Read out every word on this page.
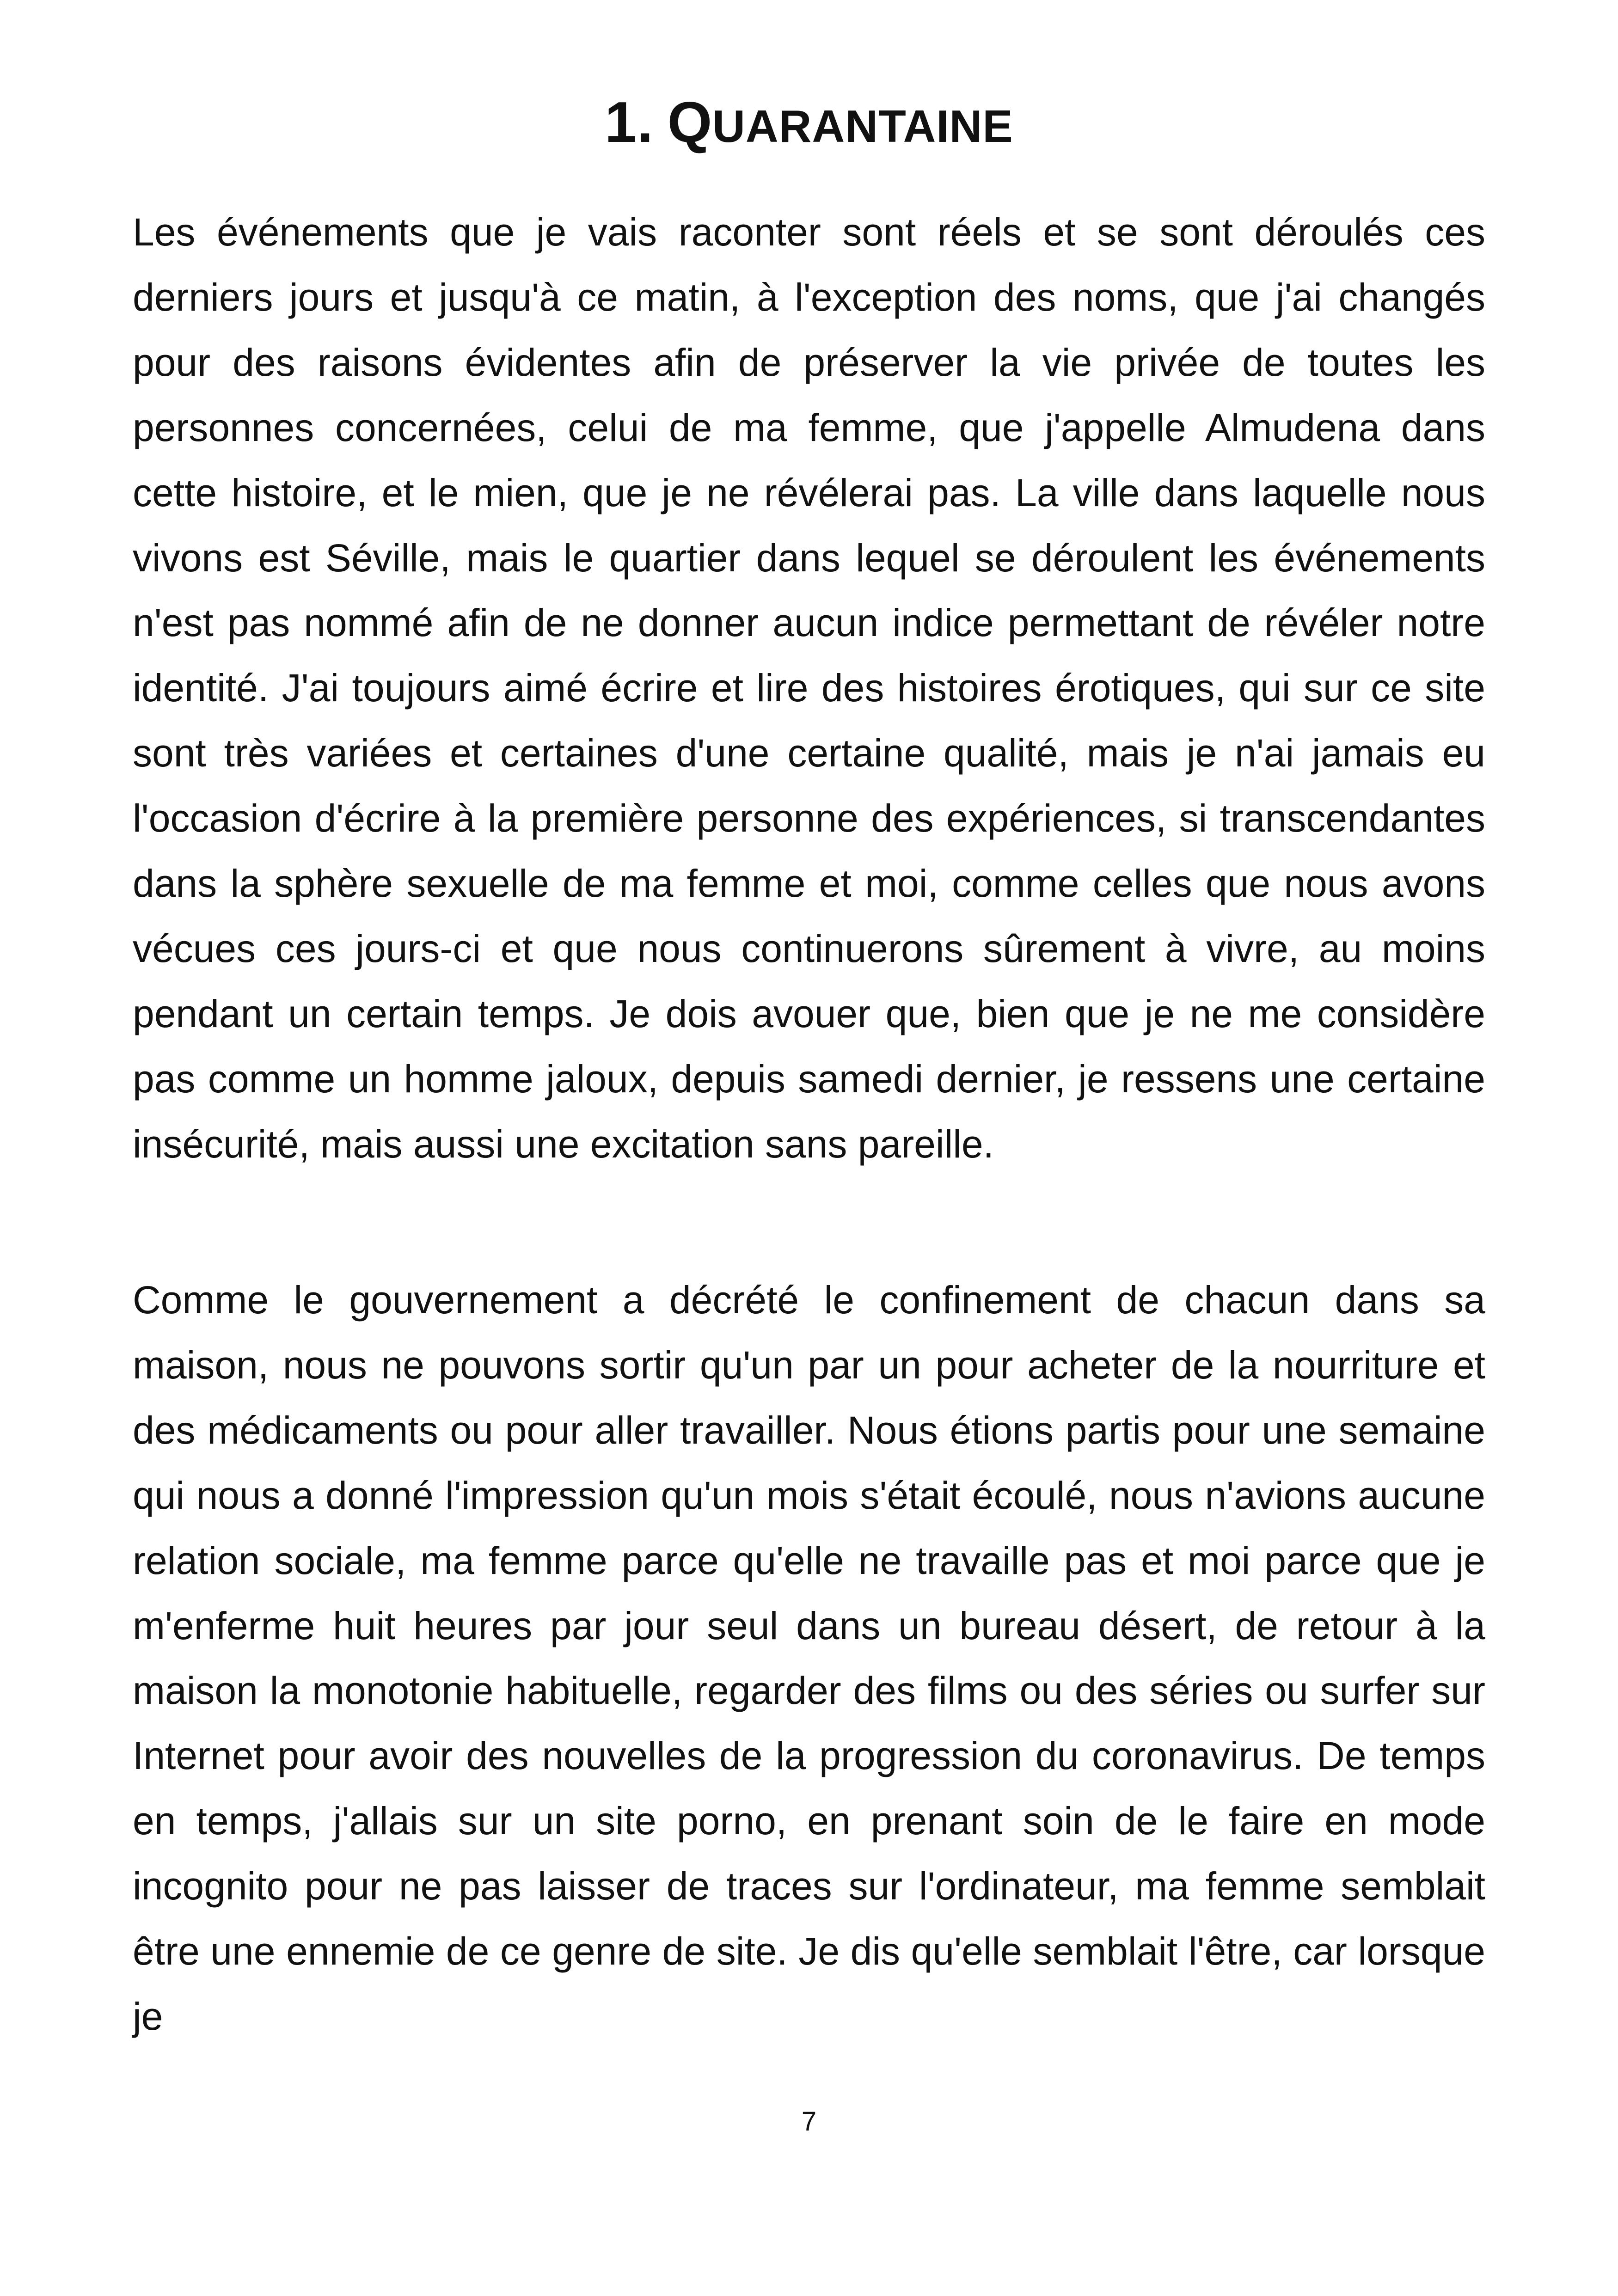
1. QUARANTAINE

Les événements que je vais raconter sont réels et se sont déroulés ces derniers jours et jusqu'à ce matin, à l'exception des noms, que j'ai changés pour des raisons évidentes afin de préserver la vie privée de toutes les personnes concernées, celui de ma femme, que j'appelle Almudena dans cette histoire, et le mien, que je ne révélerai pas. La ville dans laquelle nous vivons est Séville, mais le quartier dans lequel se déroulent les événements n'est pas nommé afin de ne donner aucun indice permettant de révéler notre identité. J'ai toujours aimé écrire et lire des histoires érotiques, qui sur ce site sont très variées et certaines d'une certaine qualité, mais je n'ai jamais eu l'occasion d'écrire à la première personne des expériences, si transcendantes dans la sphère sexuelle de ma femme et moi, comme celles que nous avons vécues ces jours-ci et que nous continuerons sûrement à vivre, au moins pendant un certain temps. Je dois avouer que, bien que je ne me considère pas comme un homme jaloux, depuis samedi dernier, je ressens une certaine insécurité, mais aussi une excitation sans pareille.

Comme le gouvernement a décrété le confinement de chacun dans sa maison, nous ne pouvons sortir qu'un par un pour acheter de la nourriture et des médicaments ou pour aller travailler. Nous étions partis pour une semaine qui nous a donné l'impression qu'un mois s'était écoulé, nous n'avions aucune relation sociale, ma femme parce qu'elle ne travaille pas et moi parce que je m'enferme huit heures par jour seul dans un bureau désert, de retour à la maison la monotonie habituelle, regarder des films ou des séries ou surfer sur Internet pour avoir des nouvelles de la progression du coronavirus. De temps en temps, j'allais sur un site porno, en prenant soin de le faire en mode incognito pour ne pas laisser de traces sur l'ordinateur, ma femme semblait être une ennemie de ce genre de site. Je dis qu'elle semblait l'être, car lorsque je

7
